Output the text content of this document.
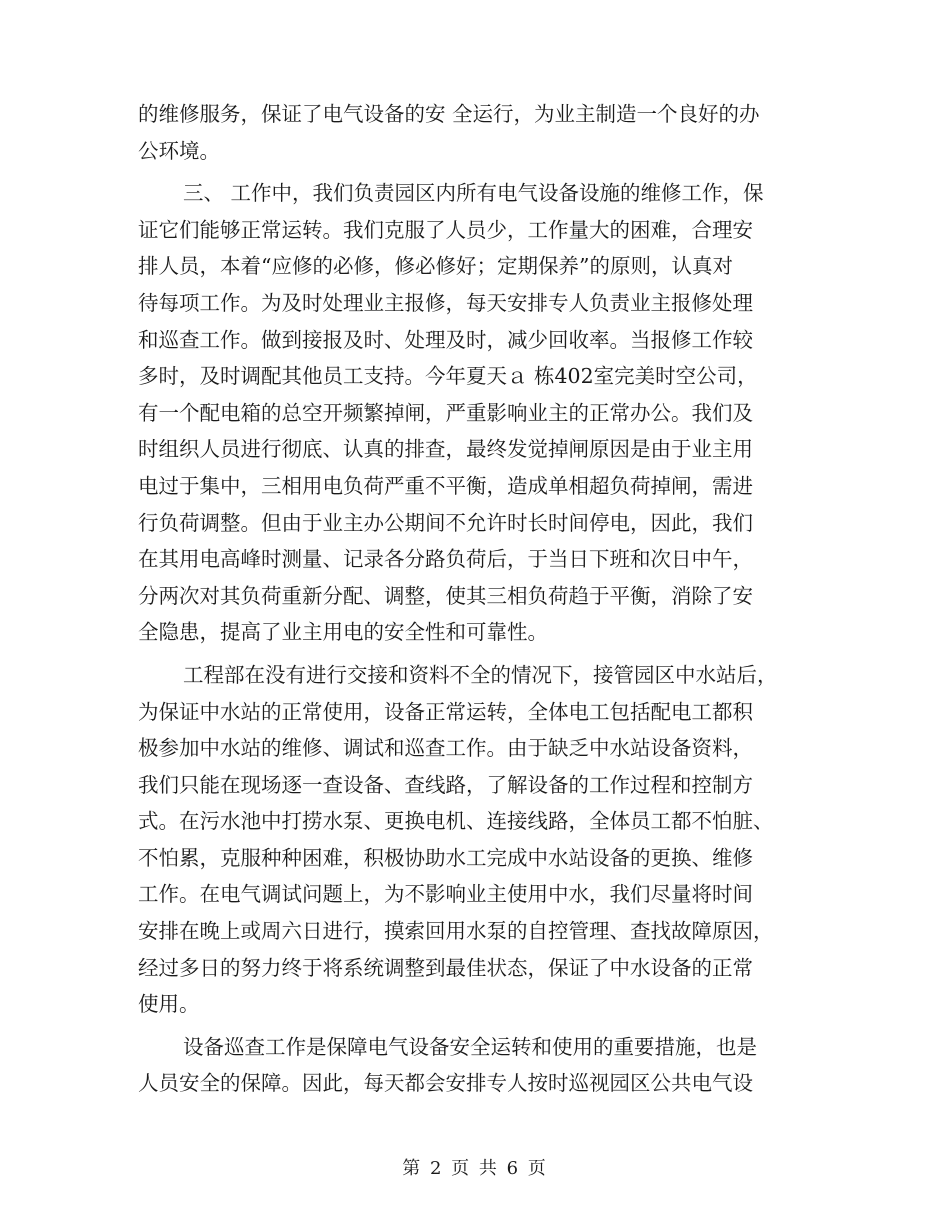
的维修服务，保证了电气设备的安 全运行，为业主制造一个良好的办
公环境。
三、 工作中，我们负责园区内所有电气设备设施的维修工作，保
证它们能够正常运转。我们克服了人员少，工作量大的困难，合理安
排人员，本着“应修的必修，修必修好；定期保养”的原则，认真对
待每项工作。为及时处理业主报修，每天安排专人负责业主报修处理
和巡查工作。做到接报及时、处理及时，减少回收率。当报修工作较
多时，及时调配其他员工支持。今年夏天ａ 栋402室完美时空公司，
有一个配电箱的总空开频繁掉闸，严重影响业主的正常办公。我们及
时组织人员进行彻底、认真的排查，最终发觉掉闸原因是由于业主用
电过于集中，三相用电负荷严重不平衡，造成单相超负荷掉闸，需进
行负荷调整。但由于业主办公期间不允许时长时间停电，因此，我们
在其用电高峰时测量、记录各分路负荷后，于当日下班和次日中午，
分两次对其负荷重新分配、调整，使其三相负荷趋于平衡，消除了安
全隐患，提高了业主用电的安全性和可靠性。
工程部在没有进行交接和资料不全的情况下，接管园区中水站后，
为保证中水站的正常使用，设备正常运转，全体电工包括配电工都积
极参加中水站的维修、调试和巡查工作。由于缺乏中水站设备资料，
我们只能在现场逐一查设备、查线路，了解设备的工作过程和控制方
式。在污水池中打捞水泵、更换电机、连接线路，全体员工都不怕脏、
不怕累，克服种种困难，积极协助水工完成中水站设备的更换、维修
工作。在电气调试问题上，为不影响业主使用中水，我们尽量将时间
安排在晚上或周六日进行，摸索回用水泵的自控管理、查找故障原因，
经过多日的努力终于将系统调整到最佳状态，保证了中水设备的正常
使用。
设备巡查工作是保障电气设备安全运转和使用的重要措施，也是
人员安全的保障。因此，每天都会安排专人按时巡视园区公共电气设
第 2 页 共 6 页
